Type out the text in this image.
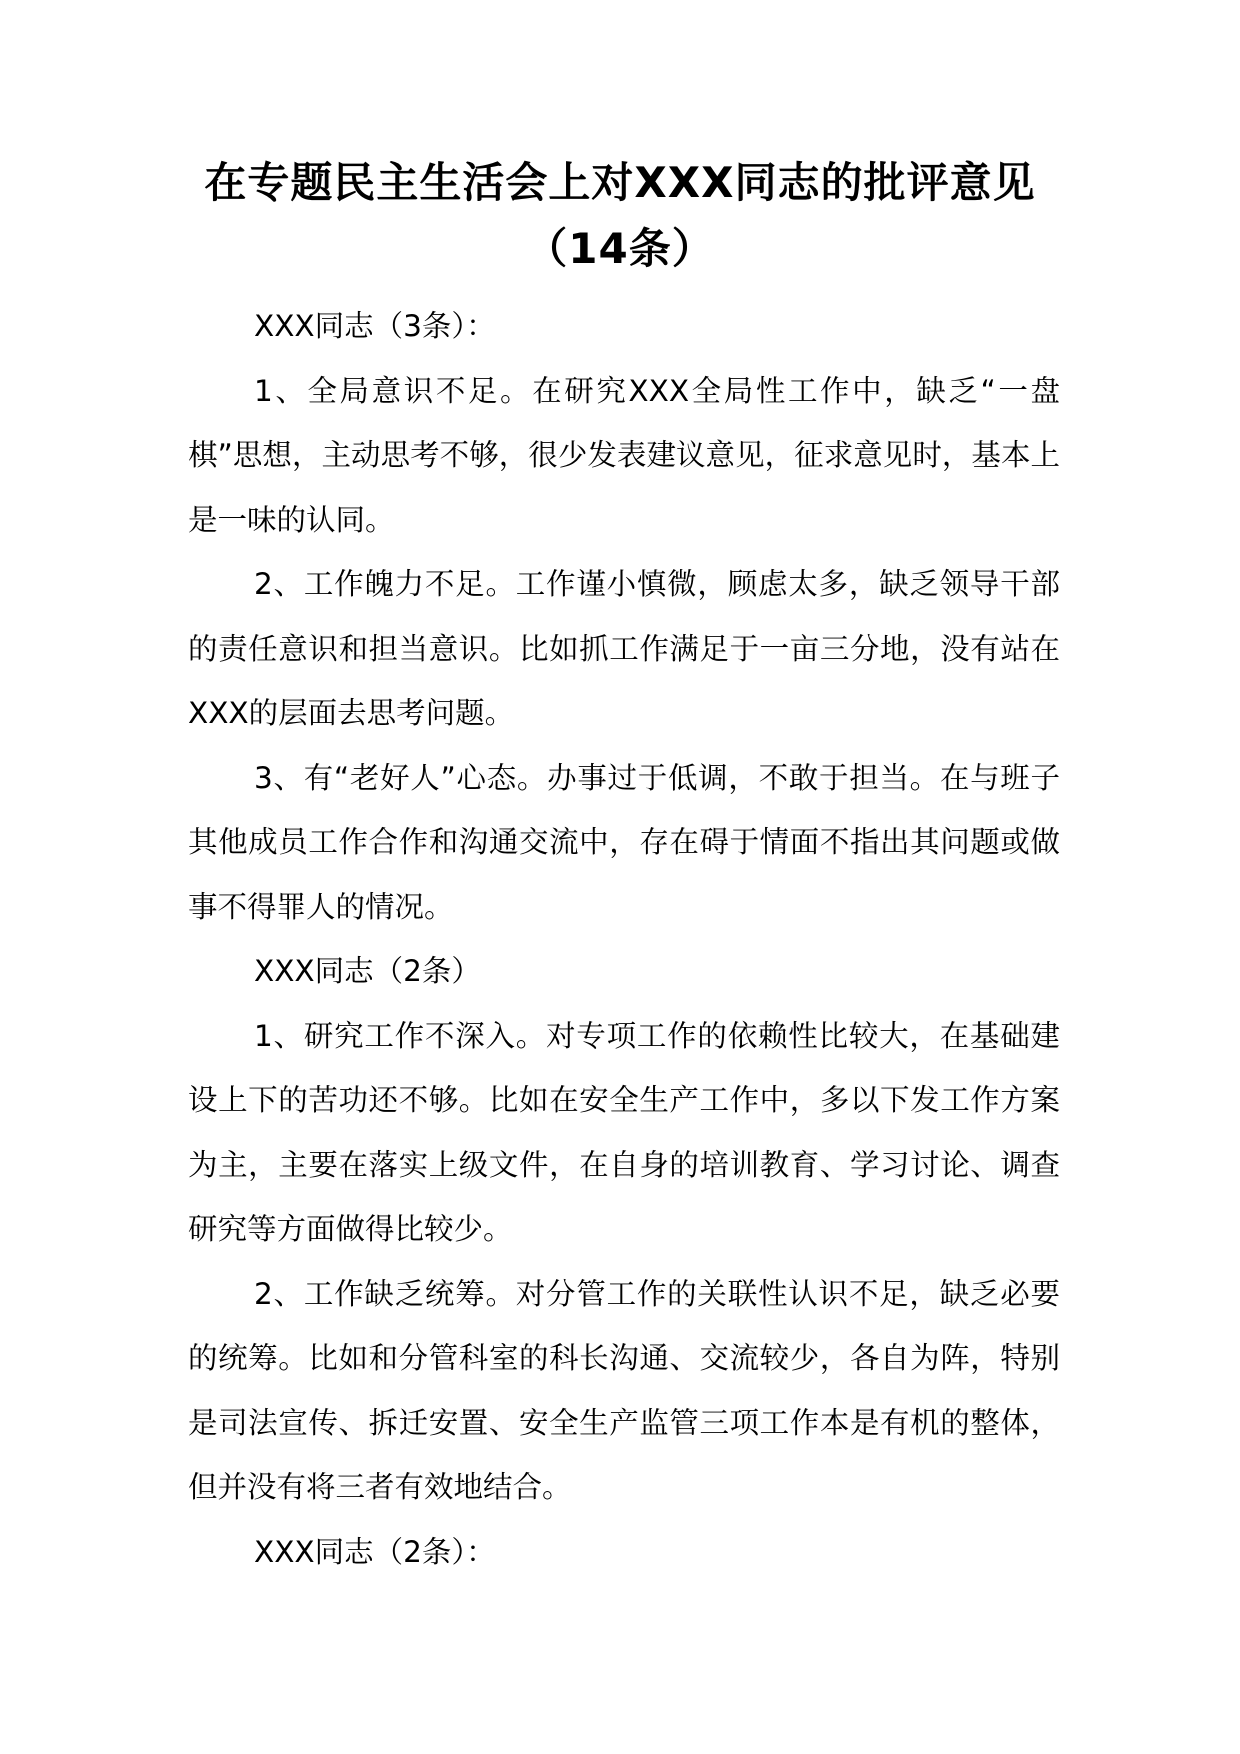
在专题民主生活会上对XXX同志的批评意见（14条）

XXX同志（3条）：

1、全局意识不足。在研究XXX全局性工作中，缺乏“一盘棋”思想，主动思考不够，很少发表建议意见，征求意见时，基本上是一味的认同。

2、工作魄力不足。工作谨小慎微，顾虑太多，缺乏领导干部的责任意识和担当意识。比如抓工作满足于一亩三分地，没有站在XXX的层面去思考问题。

3、有“老好人”心态。办事过于低调，不敢于担当。在与班子其他成员工作合作和沟通交流中，存在碍于情面不指出其问题或做事不得罪人的情况。

XXX同志（2条）

1、研究工作不深入。对专项工作的依赖性比较大，在基础建设上下的苦功还不够。比如在安全生产工作中，多以下发工作方案为主，主要在落实上级文件，在自身的培训教育、学习讨论、调查研究等方面做得比较少。

2、工作缺乏统筹。对分管工作的关联性认识不足，缺乏必要的统筹。比如和分管科室的科长沟通、交流较少，各自为阵，特别是司法宣传、拆迁安置、安全生产监管三项工作本是有机的整体，但并没有将三者有效地结合。

XXX同志（2条）：
